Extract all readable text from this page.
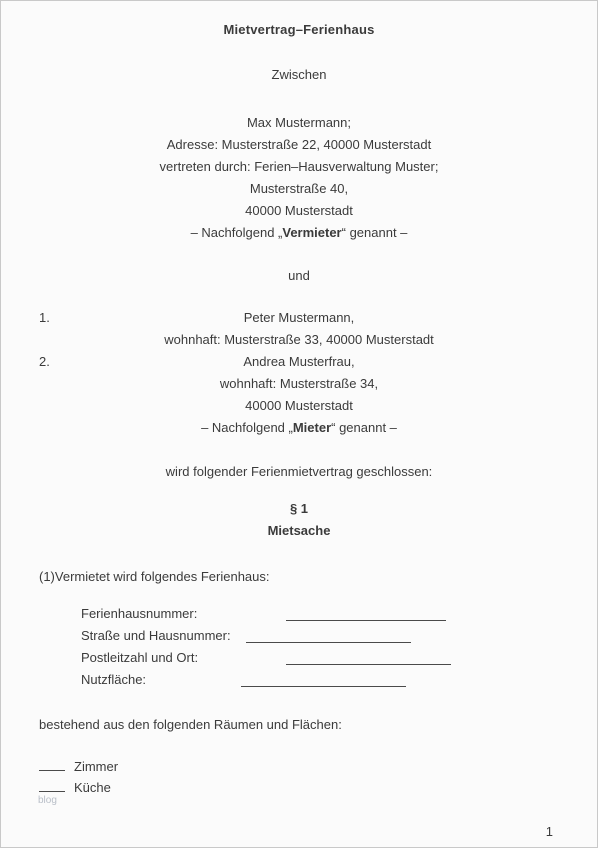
Mietvertrag–Ferienhaus
Zwischen
Max Mustermann;
Adresse: Musterstraße 22, 40000 Musterstadt
vertreten durch: Ferien–Hausverwaltung Muster;
Musterstraße 40,
40000 Musterstadt
– Nachfolgend „Vermieter“ genannt –
und
1.	Peter Mustermann,
wohnhaft: Musterstraße 33, 40000 Musterstadt
2.	Andrea Musterfrau,
wohnhaft: Musterstraße 34,
40000 Musterstadt
– Nachfolgend „Mieter“ genannt –
wird folgender Ferienmietvertrag geschlossen:
§ 1
Mietsache
(1)Vermietet wird folgendes Ferienhaus:
Ferienhausnummer:
Straße und Hausnummer:
Postleitzahl und Ort:
Nutzfläche:
bestehend aus den folgenden Räumen und Flächen:
Zimmer
Küche
blog
1
